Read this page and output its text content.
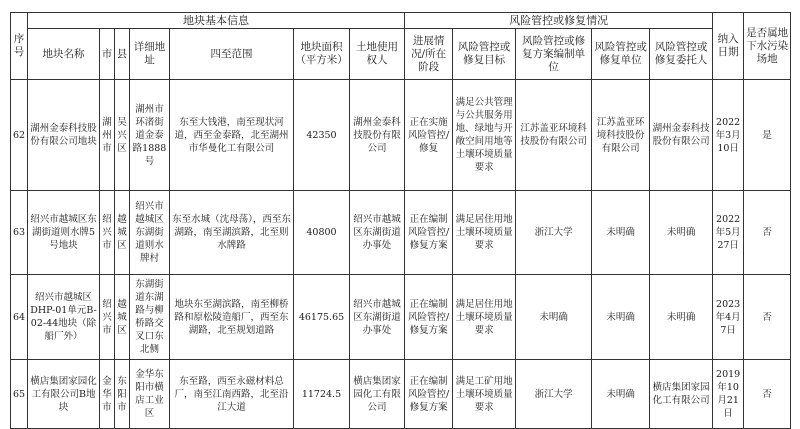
序号	地块基本信息							风险管控或修复情况					纳入日期	是否属地下水污染场地
	地块名称	市	县	详细地址	四至范围	地块面积（平方米）	土地使用权人	进展情况/所在阶段	风险管控或修复目标	风险管控或修复方案编制单位	风险管控或修复单位	风险管控或修复委托人		
62	湖州金泰科技股份有限公司地块	湖州市	吴兴区	湖州市环渚街道金泰路1888号	东至大钱港，南至现状河道，西至金泰路，北至湖州市华曼化工有限公司	42350	湖州金泰科技股份有限公司	正在实施风险管控/修复	满足公共管理与公共服务用地、绿地与开敞空间用地等土壤环境质量要求	江苏盖亚环境科技股份有限公司	江苏盖亚环境科技股份有限公司	湖州金泰科技股份有限公司	2022年3月10日	是
63	绍兴市越城区东湖街道则水牌5号地块	绍兴市	越城区	绍兴市越城区东湖街道则水牌村	东至水城（沈母荡），西至东湖路，南至湖滨路，北至则水牌路	40800	绍兴市越城区东湖街道办事处	正在编制风险管控/修复方案	满足居住用地土壤环境质量要求	浙江大学	未明确	未明确	2022年5月27日	否
64	绍兴市越城区DHP-01单元B-02-44地块（除船厂外）	绍兴市	越城区	东湖街道东湖路与柳桥路交叉口东北侧	地块东至湖滨路，南至柳桥路和原松陵造船厂，西至东湖路，北至规划道路	46175.65	绍兴市越城区东湖街道办事处	正在编制风险管控/修复方案	满足居住用地土壤环境质量要求	未明确	未明确	未明确	2023年4月7日	否
65	横店集团家园化工有限公司B地块	金华市	东阳市	金华东阳市横店工业区	东至路，西至永磁材料总厂，南至江南西路，北至沿江大道	11724.5	横店集团家园化工有限公司	正在编制风险管控/修复方案	满足工矿用地土壤环境质量要求	浙江大学	未明确	横店集团家园化工有限公司	2019年10月21日	否
